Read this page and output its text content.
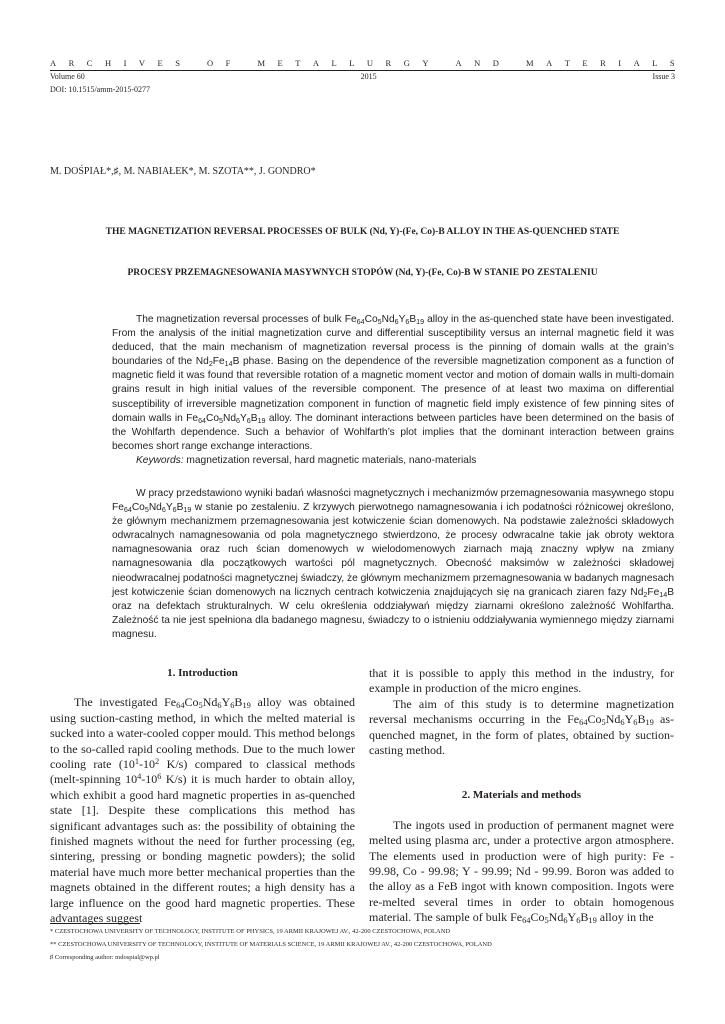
A R C H I V E S
	O F
	M E T A L L U R G Y
	A N D
	M A T E R I A L S
Volume 60	2015	Issue 3
DOI: 10.1515/amm-2015-0277
M. DOŚPIAŁ*,♯, M. NABIAŁEK*, M. SZOTA**, J. GONDRO*
THE MAGNETIZATION REVERSAL PROCESSES OF BULK (Nd, Y)-(Fe, Co)-B ALLOY IN THE AS-QUENCHED STATE
PROCESY PRZEMAGNESOWANIA MASYWNYCH STOPÓW (Nd, Y)-(Fe, Co)-B W STANIE PO ZESTALENIU

The magnetization reversal processes of bulk $Fe_{64}Co_5Nd_6Y_6B_{19}$ alloy in the as-quenched state have been investigated. From the analysis of the initial magnetization curve and differential susceptibility versus an internal magnetic field it was deduced, that the main mechanism of magnetization reversal process is the pinning of domain walls at the grain’s boundaries of the $Nd_2Fe_{14}B$ phase. Basing on the dependence of the reversible magnetization component as a function of magnetic field it was found that reversible rotation of a magnetic moment vector and motion of domain walls in multi-domain grains result in high initial values of the reversible component. The presence of at least two maxima on differential susceptibility of irreversible magnetization component in function of magnetic field imply existence of few pinning sites of domain walls in $Fe_{64}Co_5Nd_6Y_6B_{19}$ alloy. The dominant interactions between particles have been determined on the basis of the Wohlfarth dependence. Such a behavior of Wohlfarth’s plot implies that the dominant interaction between grains becomes short range exchange interactions.

Keywords: magnetization reversal, hard magnetic materials, nano-materials

W pracy przedstawiono wyniki badań własności magnetycznych i mechanizmów przemagnesowania masywnego stopu $Fe_{64}Co_5Nd_6Y_6B_{19}$ w stanie po zestaleniu. Z krzywych pierwotnego namagnesowania i ich podatności różnicowej określono, że głównym mechanizmem przemagnesowania jest kotwiczenie ścian domenowych. Na podstawie zależności składowych odwracalnych namagnesowania od pola magnetycznego stwierdzono, że procesy odwracalne takie jak obroty wektora namagnesowania oraz ruch ścian domenowych w wielodomenowych ziarnach mają znaczny wpływ na zmiany namagnesowania dla początkowych wartości pól magnetycznych. Obecność maksimów w zależności składowej nieodwracalnej podatności magnetycznej świadczy, że głównym mechanizmem przemagnesowania w badanych magnesach jest kotwiczenie ścian domenowych na licznych centrach kotwiczenia znajdujących się na granicach ziaren fazy $Nd_2Fe_{14}B$ oraz na defektach strukturalnych. W celu określenia oddziaływań między ziarnami określono zależność Wohlfartha. Zależność ta nie jest spełniona dla badanego magnesu, świadczy to o istnieniu oddziaływania wymiennego między ziarnami magnesu.

1. Introduction

The investigated $Fe_{64}Co_5Nd_6Y_6B_{19}$ alloy was obtained using suction-casting method, in which the melted material is sucked into a water-cooled copper mould. This method belongs to the so-called rapid cooling methods. Due to the much lower cooling rate ($10^1-10^2$ K/s) compared to classical methods (melt-spinning $10^4-10^6$ K/s) it is much harder to obtain alloy, which exhibit a good hard magnetic properties in as-quenched state [1]. Despite these complications this method has significant advantages such as: the possibility of obtaining the finished magnets without the need for further processing (eg, sintering, pressing or bonding magnetic powders); the solid material have much more better mechanical properties than the magnets obtained in the different routes; a high density has a large influence on the good hard magnetic properties. These advantages suggest

that it is possible to apply this method in the industry, for example in production of the micro engines.

The aim of this study is to determine magnetization reversal mechanisms occurring in the $Fe_{64}Co_5Nd_6Y_6B_{19}$ as-quenched magnet, in the form of plates, obtained by suction-casting method.

2. Materials and methods

The ingots used in production of permanent magnet were melted using plasma arc, under a protective argon atmosphere. The elements used in production were of high purity: Fe - 99.98, Co - 99.98; Y - 99.99; Nd - 99.99. Boron was added to the alloy as a FeB ingot with known composition. Ingots were re-melted several times in order to obtain homogenous material. The sample of bulk $Fe_{64}Co_5Nd_6Y_6B_{19}$ alloy in the

* CZESTOCHOWA UNIVERSITY OF TECHNOLOGY, INSTITUTE OF PHYSICS, 19 ARMII KRAJOWEJ AV., 42-200 CZESTOCHOWA, POLAND
** CZESTOCHOWA UNIVERSITY OF TECHNOLOGY, INSTITUTE OF MATERIALS SCIENCE, 19 ARMII KRAJOWEJ AV., 42-200 CZESTOCHOWA, POLAND
♯ Corresponding author: mdospial@wp.pl
